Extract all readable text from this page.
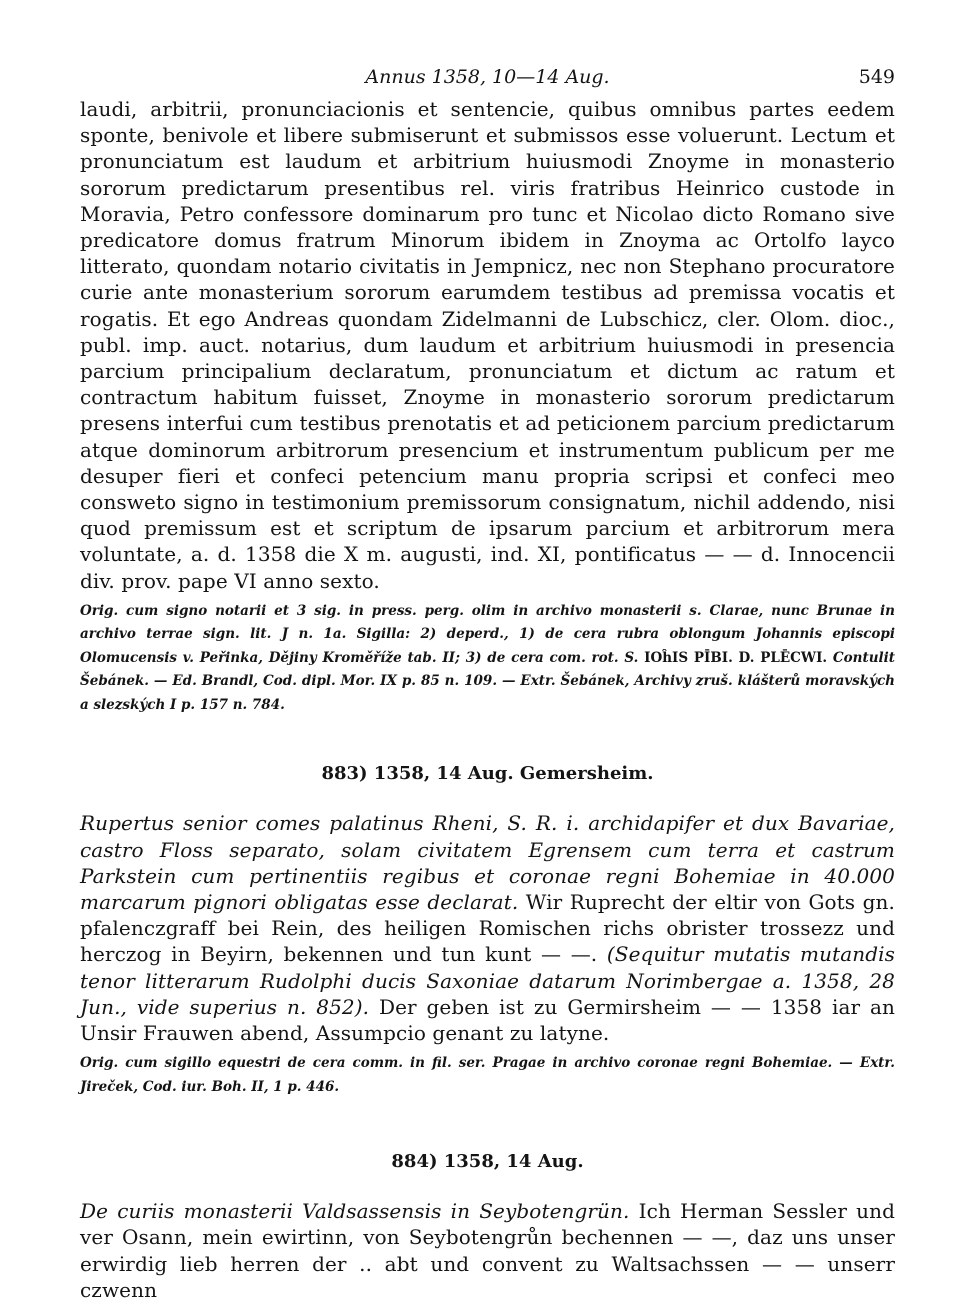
Annus 1358, 10—14 Aug.	549

laudi, arbitrii, pronunciacionis et sentencie, quibus omnibus partes eedem sponte, benivole et libere submiserunt et submissos esse voluerunt. Lectum et pronunciatum est laudum et arbitrium huiusmodi Znoyme in monasterio sororum predictarum presentibus rel. viris fratribus Heinrico custode in Moravia, Petro confessore dominarum pro tunc et Nicolao dicto Romano sive predicatore domus fratrum Minorum ibidem in Znoyma ac Ortolfo layco litterato, quondam notario civitatis in Jempnicz, nec non Stephano procuratore curie ante monasterium sororum earumdem testibus ad premissa vocatis et rogatis. Et ego Andreas quondam Zidelmanni de Lubschicz, cler. Olom. dioc., publ. imp. auct. notarius, dum laudum et arbitrium huiusmodi in presencia parcium principalium declaratum, pronunciatum et dictum ac ratum et contractum habitum fuisset, Znoyme in monasterio sororum predictarum presens interfui cum testibus prenotatis et ad peticionem parcium predictarum atque dominorum arbitrorum presencium et instrumentum publicum per me desuper fieri et confeci petencium manu propria scripsi et confeci meo consweto signo in testimonium premissorum consignatum, nichil addendo, nisi quod premissum est et scriptum de ipsarum parcium et arbitrorum mera voluntate, a. d. 1358 die X m. augusti, ind. XI, pontificatus — — d. Innocencii div. prov. pape VI anno sexto.

Orig. cum signo notarii et 3 sig. in press. perg. olim in archivo monasterii s. Clarae, nunc Brunae in archivo terrae sign. lit. J n. 1a. Sigilla: 2) deperd., 1) de cera rubra oblongum Johannis episcopi Olomucensis v. Peřinka, Dějiny Kroměříže tab. II; 3) de cera com. rot. S. IOĥIS PĪBI. D. PLĒCWI. Contulit Šebánek. — Ed. Brandl, Cod. dipl. Mor. IX p. 85 n. 109. — Extr. Šebánek, Archivy zruš. klášterů moravských a slezských I p. 157 n. 784.

883) 1358, 14 Aug. Gemersheim.

Rupertus senior comes palatinus Rheni, S. R. i. archidapifer et dux Bavariae, castro Floss separato, solam civitatem Egrensem cum terra et castrum Parkstein cum pertinentiis regibus et coronae regni Bohemiae in 40.000 marcarum pignori obligatas esse declarat. Wir Ruprecht der eltir von Gots gn. pfalenczgraff bei Rein, des heiligen Romischen richs obrister trossezz und herczog in Beyirn, bekennen und tun kunt — —. (Sequitur mutatis mutandis tenor litterarum Rudolphi ducis Saxoniae datarum Norimbergae a. 1358, 28 Jun., vide superius n. 852). Der geben ist zu Germirsheim — — 1358 iar an Unsir Frauwen abend, Assumpcio genant zu latyne.

Orig. cum sigillo equestri de cera comm. in fil. ser. Pragae in archivo coronae regni Bohemiae. — Extr. Jireček, Cod. iur. Boh. II, 1 p. 446.

884) 1358, 14 Aug.

De curiis monasterii Valdsassensis in Seybotengrün. Ich Herman Sessler und ver Osann, mein ewirtinn, von Seybotengrůn bechennen — —, daz uns unser erwirdig lieb herren der .. abt und convent zu Waltsachssen — — unserr czwenn
